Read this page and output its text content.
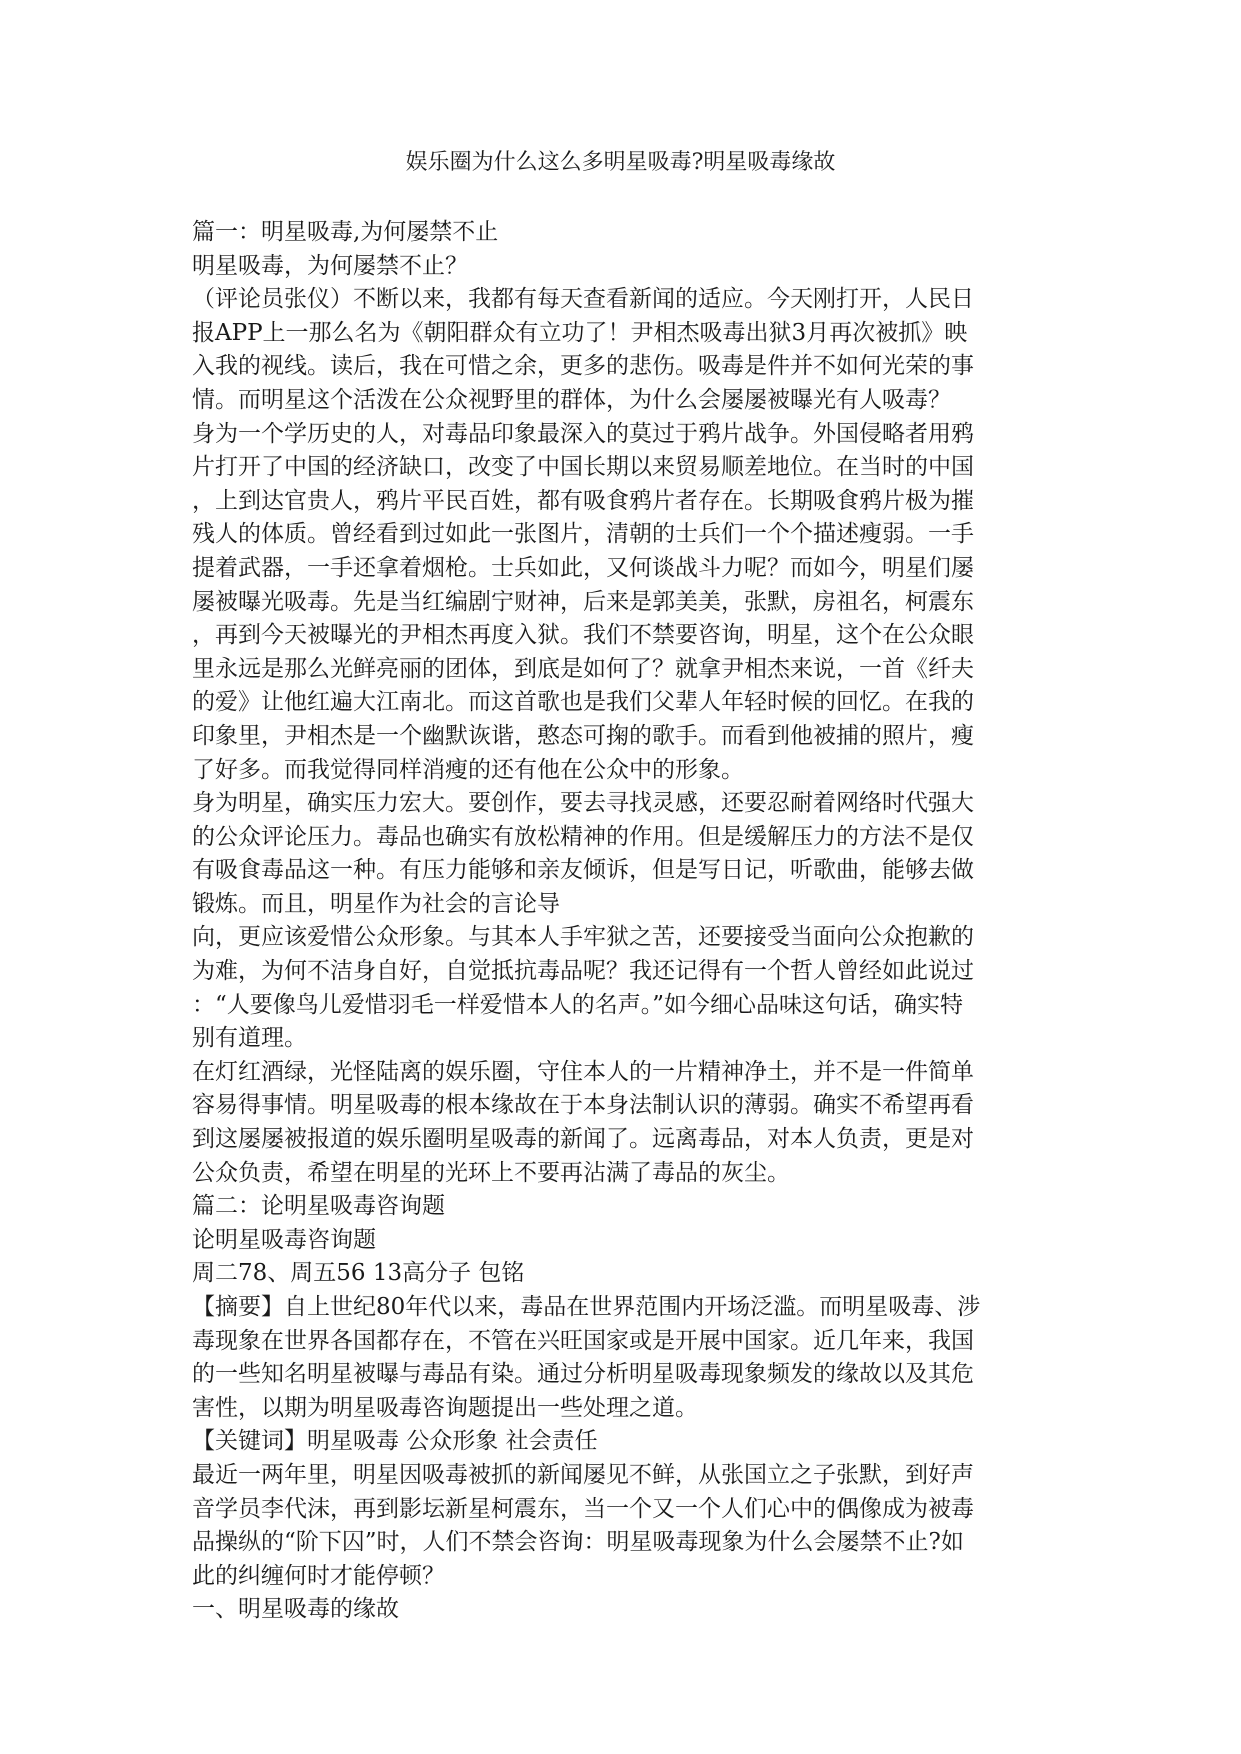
娱乐圈为什么这么多明星吸毒?明星吸毒缘故
篇一：明星吸毒,为何屡禁不止
明星吸毒，为何屡禁不止？
（评论员张仪）不断以来，我都有每天查看新闻的适应。今天刚打开，人民日
报APP上一那么名为《朝阳群众有立功了！尹相杰吸毒出狱3月再次被抓》映
入我的视线。读后，我在可惜之余，更多的悲伤。吸毒是件并不如何光荣的事
情。而明星这个活泼在公众视野里的群体，为什么会屡屡被曝光有人吸毒？
身为一个学历史的人，对毒品印象最深入的莫过于鸦片战争。外国侵略者用鸦
片打开了中国的经济缺口，改变了中国长期以来贸易顺差地位。在当时的中国
，上到达官贵人，鸦片平民百姓，都有吸食鸦片者存在。长期吸食鸦片极为摧
残人的体质。曾经看到过如此一张图片，清朝的士兵们一个个描述瘦弱。一手
提着武器，一手还拿着烟枪。士兵如此，又何谈战斗力呢？而如今，明星们屡
屡被曝光吸毒。先是当红编剧宁财神，后来是郭美美，张默，房祖名，柯震东
，再到今天被曝光的尹相杰再度入狱。我们不禁要咨询，明星，这个在公众眼
里永远是那么光鲜亮丽的团体，到底是如何了？就拿尹相杰来说，一首《纤夫
的爱》让他红遍大江南北。而这首歌也是我们父辈人年轻时候的回忆。在我的
印象里，尹相杰是一个幽默诙谐，憨态可掬的歌手。而看到他被捕的照片，瘦
了好多。而我觉得同样消瘦的还有他在公众中的形象。
身为明星，确实压力宏大。要创作，要去寻找灵感，还要忍耐着网络时代强大
的公众评论压力。毒品也确实有放松精神的作用。但是缓解压力的方法不是仅
有吸食毒品这一种。有压力能够和亲友倾诉，但是写日记，听歌曲，能够去做
锻炼。而且，明星作为社会的言论导
向，更应该爱惜公众形象。与其本人手牢狱之苦，还要接受当面向公众抱歉的
为难，为何不洁身自好，自觉抵抗毒品呢？我还记得有一个哲人曾经如此说过
：“人要像鸟儿爱惜羽毛一样爱惜本人的名声。”如今细心品味这句话，确实特
别有道理。
在灯红酒绿，光怪陆离的娱乐圈，守住本人的一片精神净土，并不是一件简单
容易得事情。明星吸毒的根本缘故在于本身法制认识的薄弱。确实不希望再看
到这屡屡被报道的娱乐圈明星吸毒的新闻了。远离毒品，对本人负责，更是对
公众负责，希望在明星的光环上不要再沾满了毒品的灰尘。
篇二：论明星吸毒咨询题
论明星吸毒咨询题
周二78、周五56 13高分子 包铭
【摘要】自上世纪80年代以来，毒品在世界范围内开场泛滥。而明星吸毒、涉
毒现象在世界各国都存在，不管在兴旺国家或是开展中国家。近几年来，我国
的一些知名明星被曝与毒品有染。通过分析明星吸毒现象频发的缘故以及其危
害性，以期为明星吸毒咨询题提出一些处理之道。
【关键词】明星吸毒 公众形象 社会责任
最近一两年里，明星因吸毒被抓的新闻屡见不鲜，从张国立之子张默，到好声
音学员李代沫，再到影坛新星柯震东，当一个又一个人们心中的偶像成为被毒
品操纵的“阶下囚”时，人们不禁会咨询：明星吸毒现象为什么会屡禁不止?如
此的纠缠何时才能停顿？
一、明星吸毒的缘故
